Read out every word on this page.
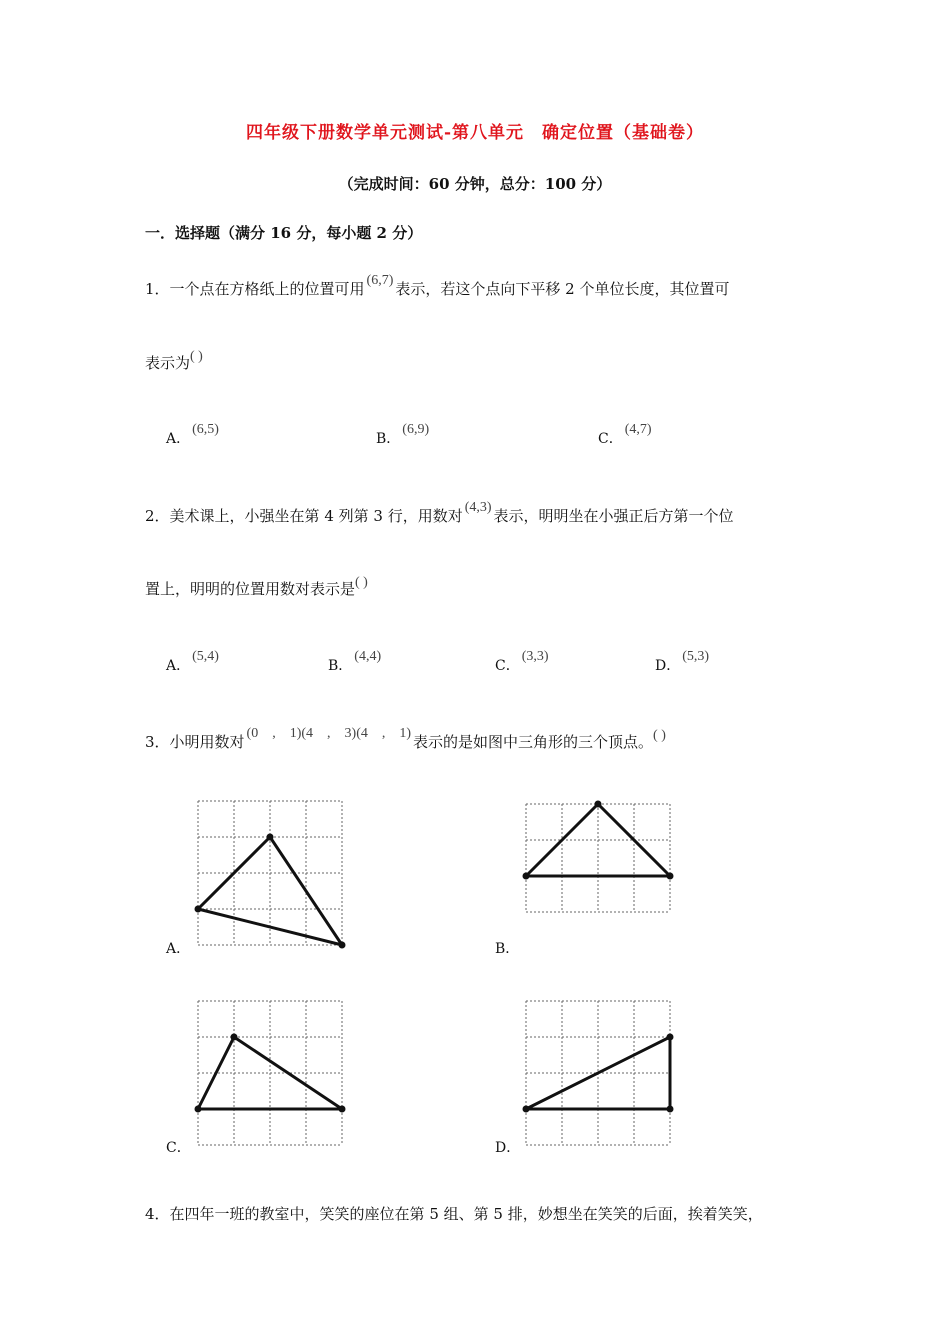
四年级下册数学单元测试-第八单元　确定位置（基础卷）
（完成时间：60 分钟，总分：100 分）
一．选择题（满分 16 分，每小题 2 分）
1．一个点在方格纸上的位置可用 (6,7) 表示，若这个点向下平移 2 个单位长度，其位置可
表示为( )
A．(6,5)
B．(6,9)
C．(4,7)
2．美术课上，小强坐在第 4 列第 3 行，用数对 (4,3) 表示，明明坐在小强正后方第一个位
置上，明明的位置用数对表示是( )
A．(5,4)
B．(4,4)
C．(3,3)
D．(5,3)
3．小明用数对 (0　,　1)(4　,　3)(4　,　1) 表示的是如图中三角形的三个顶点。( )
A．	B．
C．	D．
4．在四年一班的教室中，笑笑的座位在第 5 组、第 5 排，妙想坐在笑笑的后面，挨着笑笑，
